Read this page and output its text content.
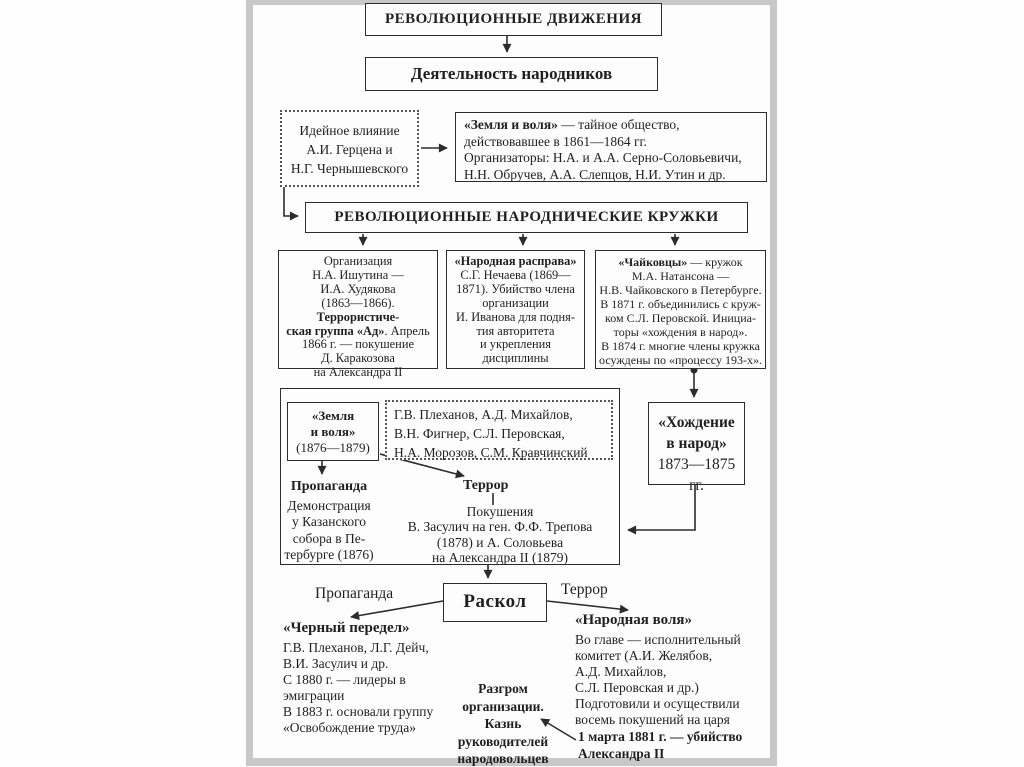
РЕВОЛЮЦИОННЫЕ ДВИЖЕНИЯ
Деятельность народников
Идейное влияние
А.И. Герцена и
Н.Г. Чернышевского
«Земля и воля» — тайное общество,
действовавшее в 1861—1864 гг.
Организаторы: Н.А. и А.А. Серно-Соловьевичи,
Н.Н. Обручев, А.А. Слепцов, Н.И. Утин и др.
РЕВОЛЮЦИОННЫЕ НАРОДНИЧЕСКИЕ КРУЖКИ
Организация
Н.А. Ишутина —
И.А. Худякова
(1863—1866). Террористиче-
ская группа «Ад». Апрель
1866 г. — покушение
Д. Каракозова
на Александра II
«Народная расправа»
С.Г. Нечаева (1869—
1871). Убийство члена
организации
И. Иванова для подня-
тия авторитета
и укрепления
дисциплины
«Чайковцы» — кружок
М.А. Натансона —
Н.В. Чайковского в Петербурге.
В 1871 г. объединились с круж-
ком С.Л. Перовской. Инициа-
торы «хождения в народ».
В 1874 г. многие члены кружка
осуждены по «процессу 193-х».
«Земля
и воля»
(1876—1879)
Г.В. Плеханов, А.Д. Михайлов,
В.Н. Фигнер, С.Л. Перовская,
Н.А. Морозов, С.М. Кравчинский
«Хождение
в народ»
1873—1875 гг.
Пропаганда
Демонстрация
у Казанского
собора в Пе-
тербурге (1876)
Террор
Покушения
В. Засулич на ген. Ф.Ф. Трепова
(1878) и А. Соловьева
на Александра II (1879)
Пропаганда	Раскол
Террор
«Черный передел»
Г.В. Плеханов, Л.Г. Дейч,
В.И. Засулич и др.
С 1880 г. — лидеры в
эмиграции
В 1883 г. основали группу
«Освобождение труда»
«Народная воля»
Во главе — исполнительный
комитет (А.И. Желябов,
А.Д. Михайлов,
С.Л. Перовская и др.)
Подготовили и осуществили
восемь покушений на царя
1 марта 1881 г. — убийство
Александра II
Разгром
организации.
Казнь
руководителей
народовольцев
